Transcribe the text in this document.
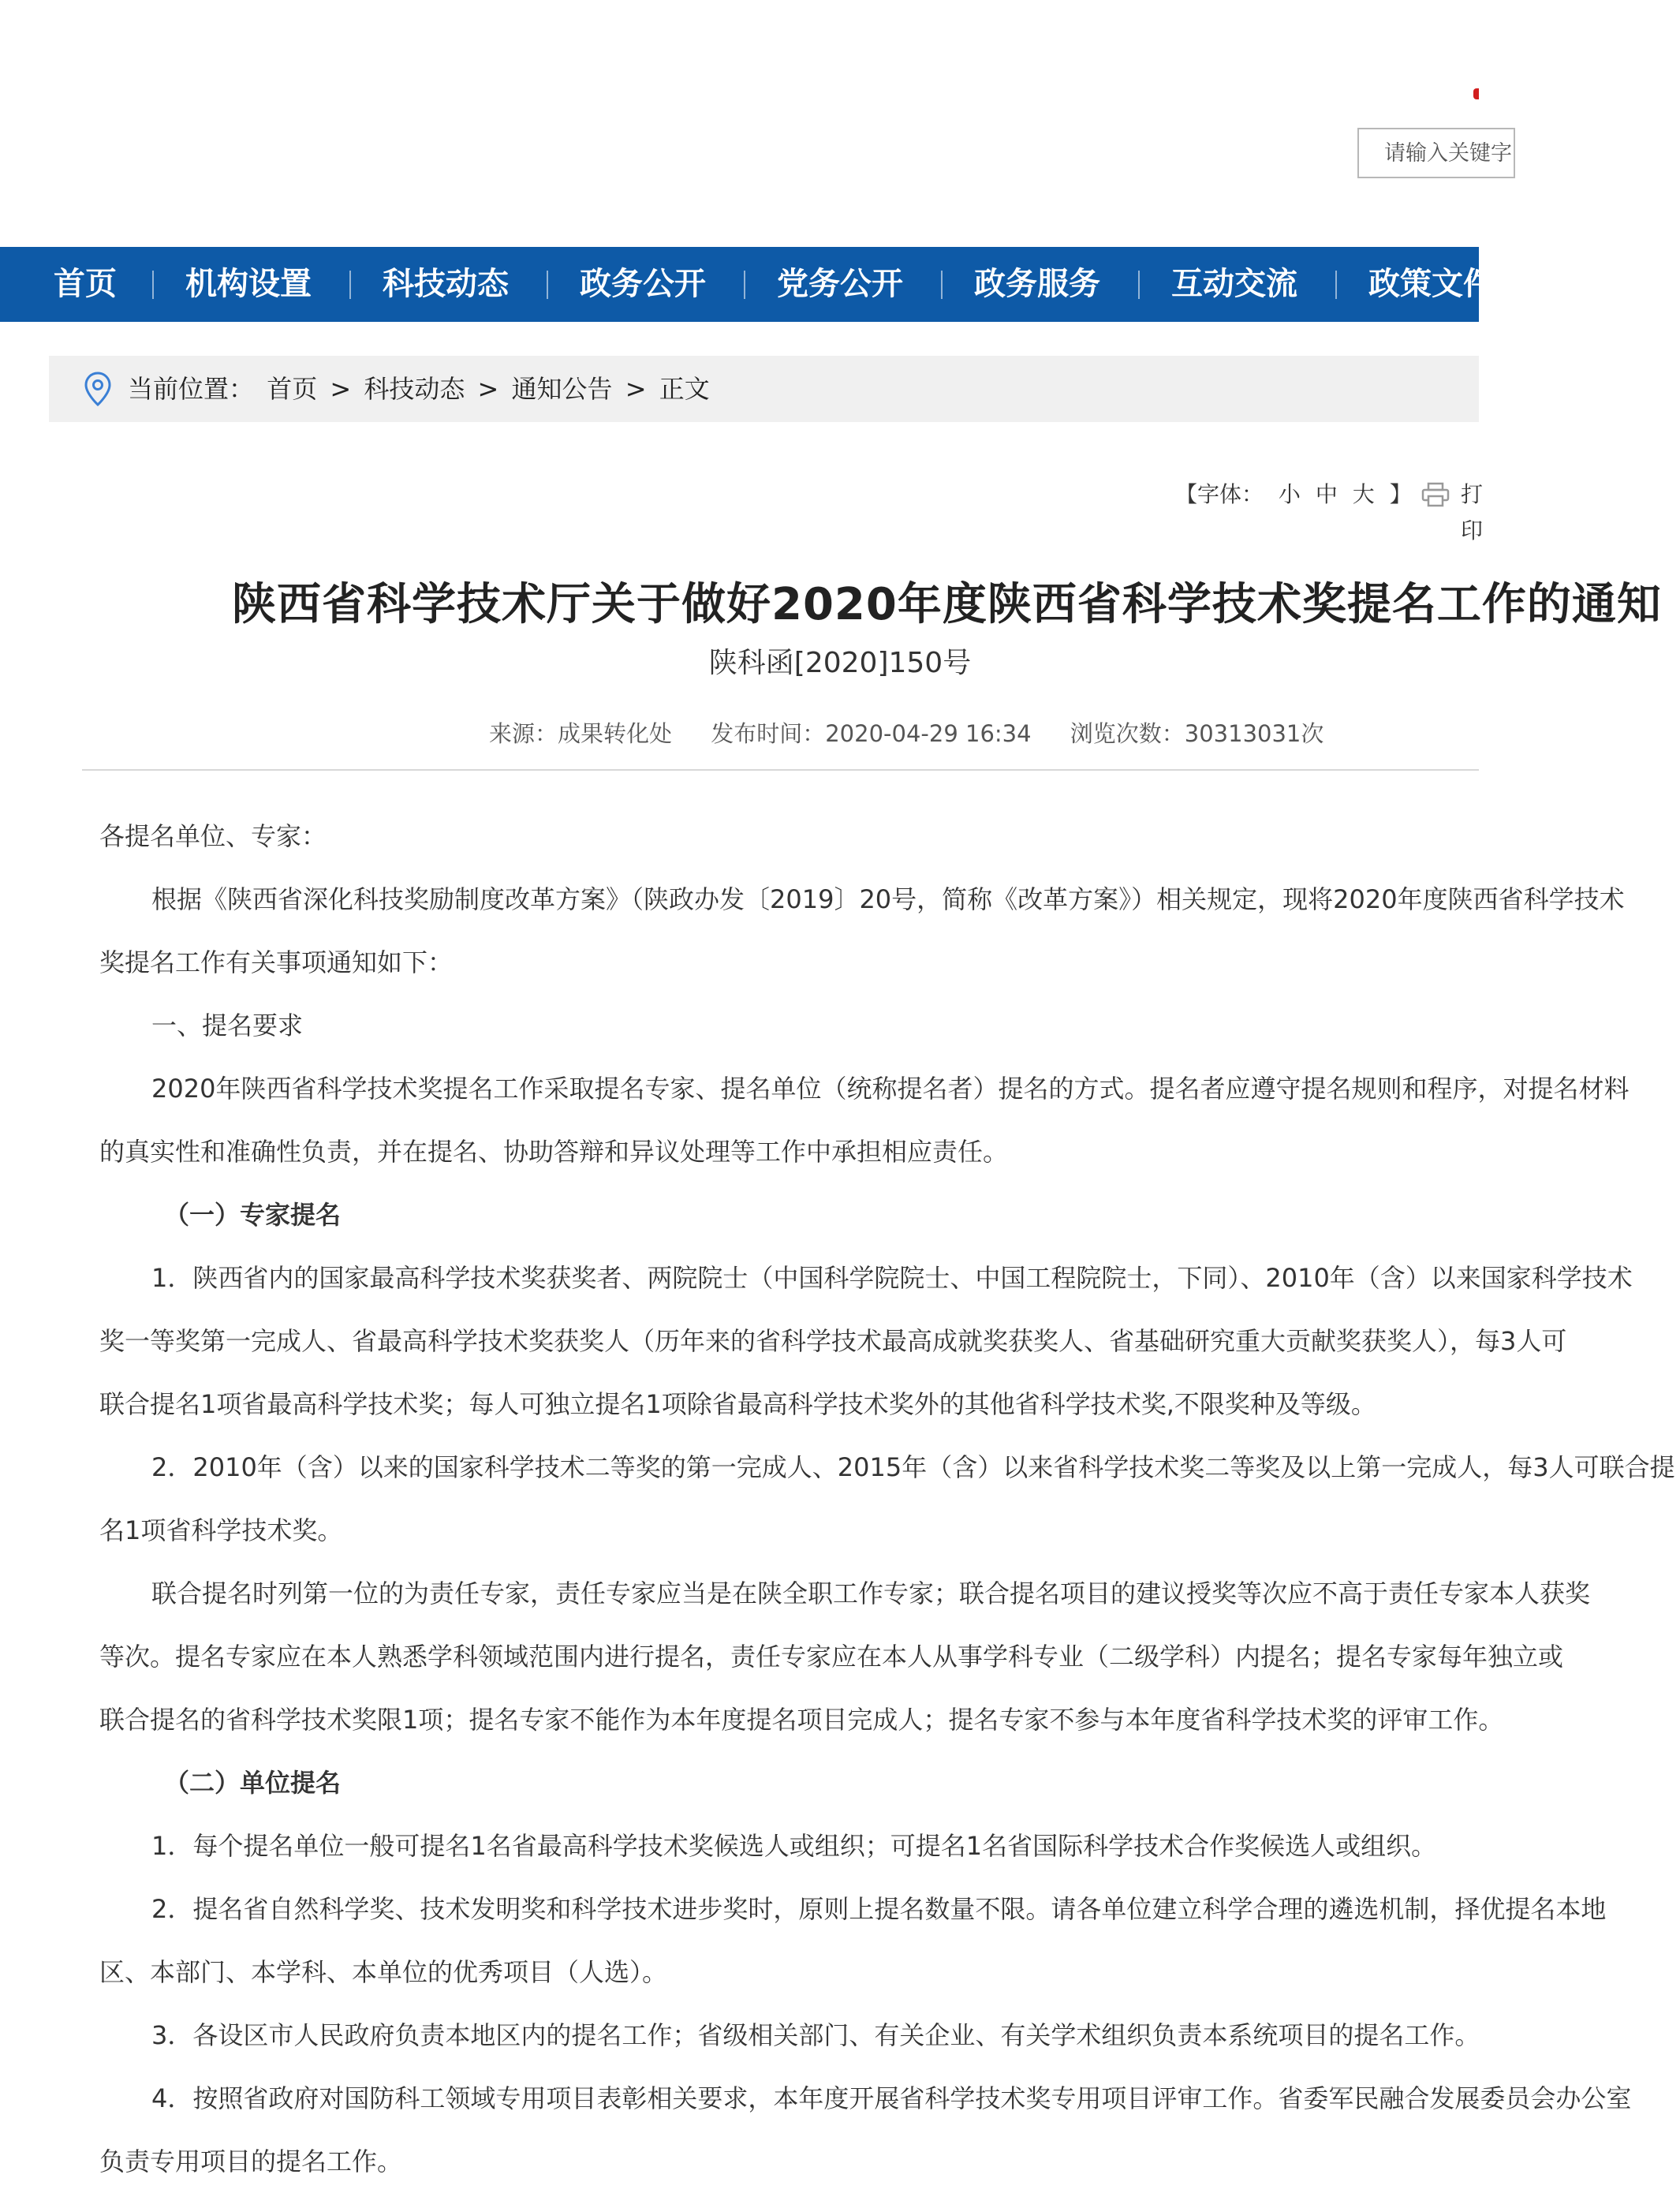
请输入关键字
首页 机构设置 科技动态 政务公开 党务公开 政务服务 互动交流 政策文件
当前位置： 首页 > 科技动态 > 通知公告 > 正文
【字体： 小 中 大 】	打印
陕西省科学技术厅关于做好2020年度陕西省科学技术奖提名工作的通知
陕科函[2020]150号
来源：成果转化处 发布时间：2020-04-29 16:34 浏览次数：30313031次
各提名单位、专家：
根据《陕西省深化科技奖励制度改革方案》（陕政办发〔2019〕20号，简称《改革方案》）相关规定，现将2020年度陕西省科学技术
奖提名工作有关事项通知如下：
一、提名要求
2020年陕西省科学技术奖提名工作采取提名专家、提名单位（统称提名者）提名的方式。提名者应遵守提名规则和程序，对提名材料
的真实性和准确性负责，并在提名、协助答辩和异议处理等工作中承担相应责任。
（一）专家提名
1．陕西省内的国家最高科学技术奖获奖者、两院院士（中国科学院院士、中国工程院院士，下同）、2010年（含）以来国家科学技术
奖一等奖第一完成人、省最高科学技术奖获奖人（历年来的省科学技术最高成就奖获奖人、省基础研究重大贡献奖获奖人），每3人可
联合提名1项省最高科学技术奖；每人可独立提名1项除省最高科学技术奖外的其他省科学技术奖,不限奖种及等级。
2．2010年（含）以来的国家科学技术二等奖的第一完成人、2015年（含）以来省科学技术奖二等奖及以上第一完成人，每3人可联合提
名1项省科学技术奖。
联合提名时列第一位的为责任专家，责任专家应当是在陕全职工作专家；联合提名项目的建议授奖等次应不高于责任专家本人获奖
等次。提名专家应在本人熟悉学科领域范围内进行提名，责任专家应在本人从事学科专业（二级学科）内提名；提名专家每年独立或
联合提名的省科学技术奖限1项；提名专家不能作为本年度提名项目完成人；提名专家不参与本年度省科学技术奖的评审工作。
（二）单位提名
1．每个提名单位一般可提名1名省最高科学技术奖候选人或组织；可提名1名省国际科学技术合作奖候选人或组织。
2．提名省自然科学奖、技术发明奖和科学技术进步奖时，原则上提名数量不限。请各单位建立科学合理的遴选机制，择优提名本地
区、本部门、本学科、本单位的优秀项目（人选）。
3．各设区市人民政府负责本地区内的提名工作；省级相关部门、有关企业、有关学术组织负责本系统项目的提名工作。
4．按照省政府对国防科工领域专用项目表彰相关要求，本年度开展省科学技术奖专用项目评审工作。省委军民融合发展委员会办公室
负责专用项目的提名工作。
